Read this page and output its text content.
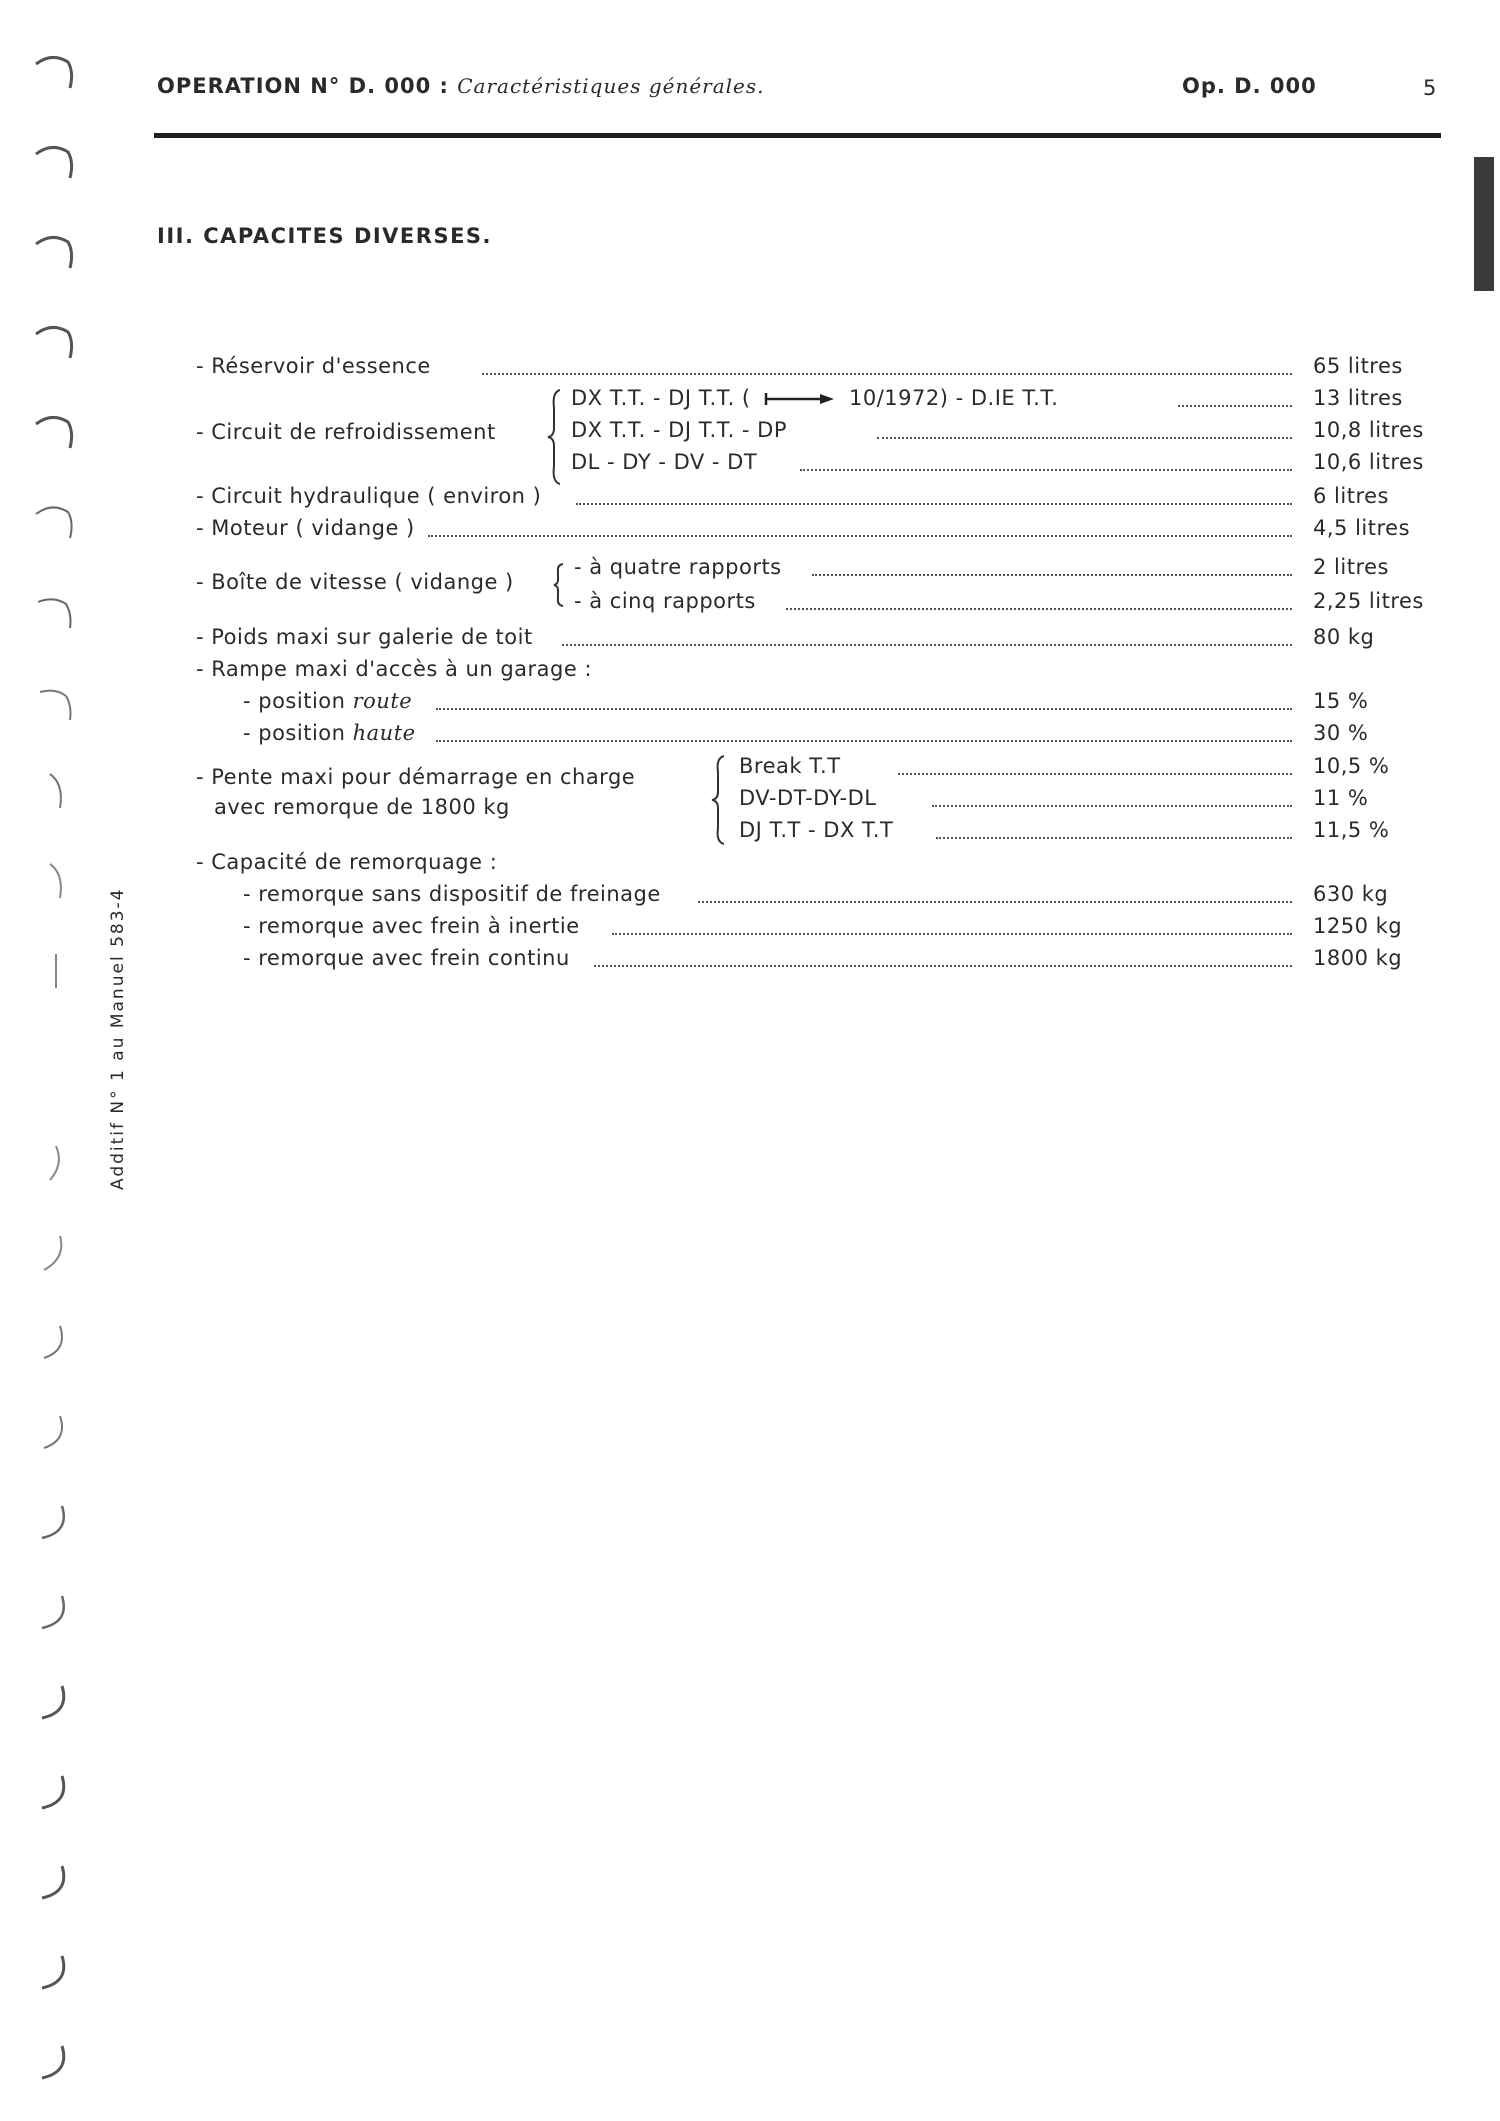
OPERATION N° D. 000 : Caractéristiques générales.	Op. D. 000	5
III. CAPACITES DIVERSES.
- Réservoir d'essence	65 litres
- Circuit de refroidissement
DX T.T. - DJ T.T. (	10/1972) - D.IE T.T.	13 litres
DX T.T. - DJ T.T. - DP	10,8 litres
DL - DY - DV - DT	10,6 litres
- Circuit hydraulique ( environ )	6 litres
- Moteur ( vidange )	4,5 litres
- Boîte de vitesse ( vidange )
- à quatre rapports	2 litres
- à cinq rapports	2,25 litres
- Poids maxi sur galerie de toit	80 kg
- Rampe maxi d'accès à un garage :
- position route	15 %
- position haute	30 %
- Pente maxi pour démarrage en charge
avec remorque de 1800 kg
Break T.T	10,5 %
DV-DT-DY-DL	11 %
DJ T.T - DX T.T	11,5 %
- Capacité de remorquage :
- remorque sans dispositif de freinage	630 kg
- remorque avec frein à inertie	1250 kg
- remorque avec frein continu	1800 kg
Additif N° 1 au Manuel 583-4
